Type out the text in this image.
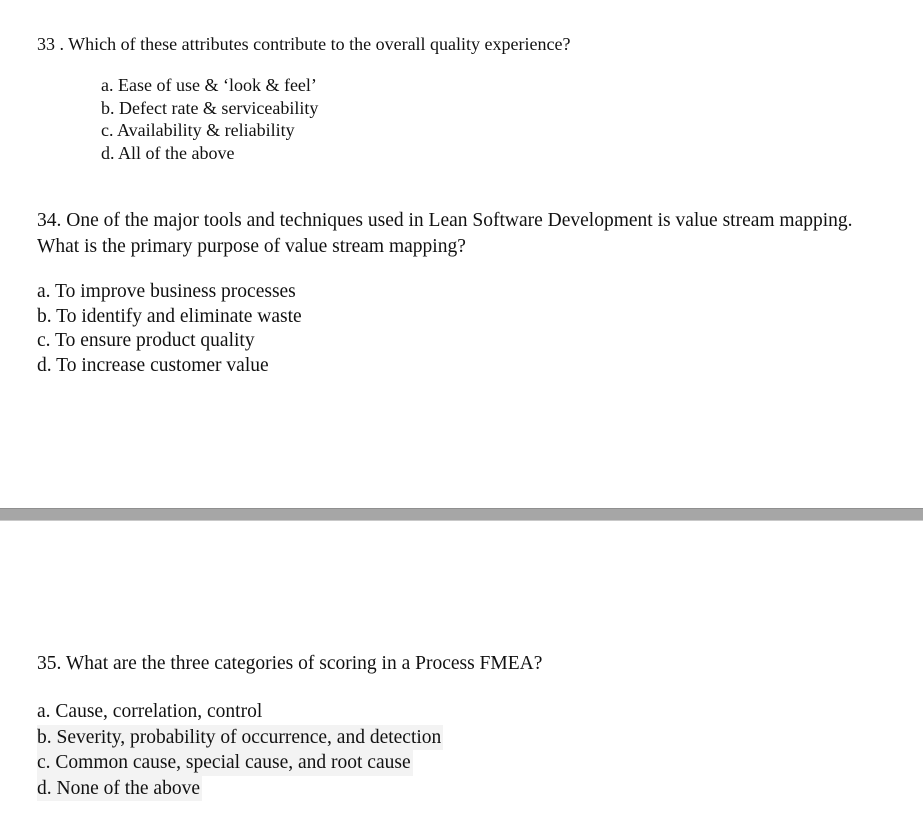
33 . Which of these attributes contribute to the overall quality experience?

a. Ease of use & ‘look & feel’
b. Defect rate & serviceability
c. Availability & reliability
d. All of the above

34. One of the major tools and techniques used in Lean Software Development is value stream mapping. What is the primary purpose of value stream mapping?

a. To improve business processes
b. To identify and eliminate waste
c. To ensure product quality
d. To increase customer value

35. What are the three categories of scoring in a Process FMEA?

a. Cause, correlation, control
b. Severity, probability of occurrence, and detection
c. Common cause, special cause, and root cause
d. None of the above
